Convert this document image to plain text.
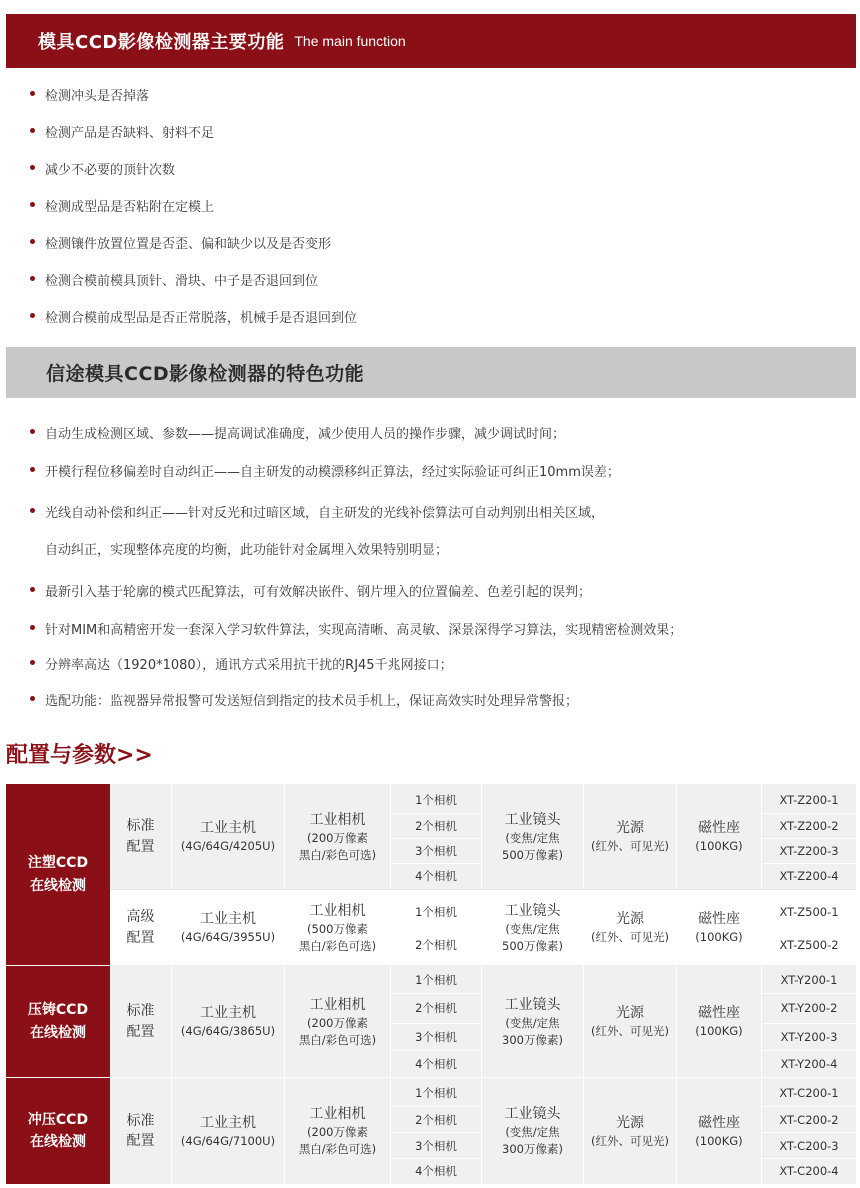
模具CCD影像检测器主要功能 The main function
检测冲头是否掉落
检测产品是否缺料、射料不足
减少不必要的顶针次数
检测成型品是否粘附在定模上
检测镶件放置位置是否歪、偏和缺少以及是否变形
检测合模前模具顶针、滑块、中子是否退回到位
检测合模前成型品是否正常脱落，机械手是否退回到位
信途模具CCD影像检测器的特色功能
自动生成检测区域、参数——提高调试准确度，减少使用人员的操作步骤，减少调试时间；
开模行程位移偏差时自动纠正——自主研发的动模漂移纠正算法，经过实际验证可纠正10mm误差；
光线自动补偿和纠正——针对反光和过暗区域，自主研发的光线补偿算法可自动判别出相关区域，
自动纠正，实现整体亮度的均衡，此功能针对金属埋入效果特别明显；
最新引入基于轮廓的模式匹配算法，可有效解决嵌件、钢片埋入的位置偏差、色差引起的误判；
针对MIM和高精密开发一套深入学习软件算法，实现高清晰、高灵敏、深景深得学习算法，实现精密检测效果；
分辨率高达（1920*1080），通讯方式采用抗干扰的RJ45千兆网接口；
选配功能：监视器异常报警可发送短信到指定的技术员手机上，保证高效实时处理异常警报；
配置与参数>>
注塑CCD
在线检测
压铸CCD
在线检测
冲压CCD
在线检测
标准
配置
工业主机
(4G/64G/4205U)
工业相机
(200万像素
黑白/彩色可选)
1个相机
2个相机
3个相机
4个相机
工业镜头
(变焦/定焦
500万像素)
光源
(红外、可见光)
磁性座
(100KG)
XT-Z200-1
XT-Z200-2
XT-Z200-3
XT-Z200-4
高级
配置
工业主机
(4G/64G/3955U)
工业相机
(500万像素
黑白/彩色可选)
1个相机
2个相机
工业镜头
(变焦/定焦
500万像素)
光源
(红外、可见光)
磁性座
(100KG)
XT-Z500-1
XT-Z500-2
标准
配置
工业主机
(4G/64G/3865U)
工业相机
(200万像素
黑白/彩色可选)
1个相机
2个相机
3个相机
4个相机
工业镜头
(变焦/定焦
300万像素)
光源
(红外、可见光)
磁性座
(100KG)
XT-Y200-1
XT-Y200-2
XT-Y200-3
XT-Y200-4
标准
配置
工业主机
(4G/64G/7100U)
工业相机
(200万像素
黑白/彩色可选)
1个相机
2个相机
3个相机
4个相机
工业镜头
(变焦/定焦
300万像素)
光源
(红外、可见光)
磁性座
(100KG)
XT-C200-1
XT-C200-2
XT-C200-3
XT-C200-4
